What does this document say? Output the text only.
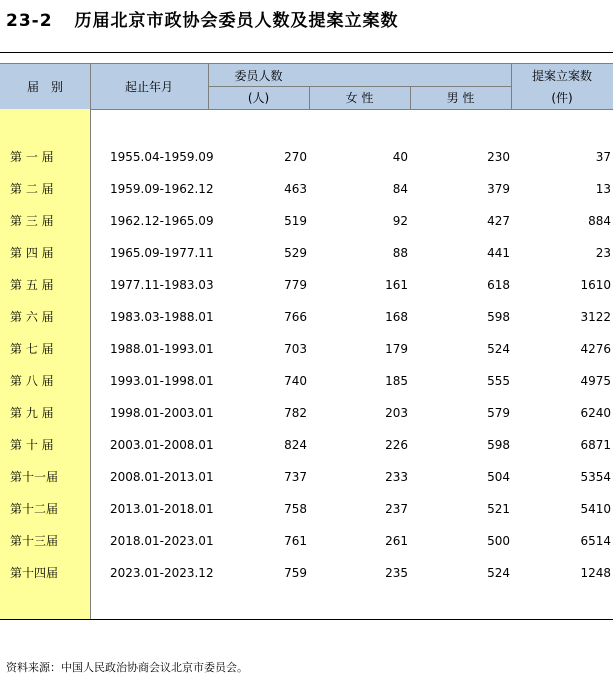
23-2 历届北京市政协会委员人数及提案立案数
届　别	起止年月
委员人数
(人)	女 性	男 性
提案立案数
(件)
第 一 届	1955.04-1959.09	270	40	230	37
第 二 届	1959.09-1962.12	463	84	379	13
第 三 届	1962.12-1965.09	519	92	427	884
第 四 届	1965.09-1977.11	529	88	441	23
第 五 届	1977.11-1983.03	779	161	618	1610
第 六 届	1983.03-1988.01	766	168	598	3122
第 七 届	1988.01-1993.01	703	179	524	4276
第 八 届	1993.01-1998.01	740	185	555	4975
第 九 届	1998.01-2003.01	782	203	579	6240
第 十 届	2003.01-2008.01	824	226	598	6871
第十一届	2008.01-2013.01	737	233	504	5354
第十二届	2013.01-2018.01	758	237	521	5410
第十三届	2018.01-2023.01	761	261	500	6514
第十四届	2023.01-2023.12	759	235	524	1248
资料来源：中国人民政治协商会议北京市委员会。
